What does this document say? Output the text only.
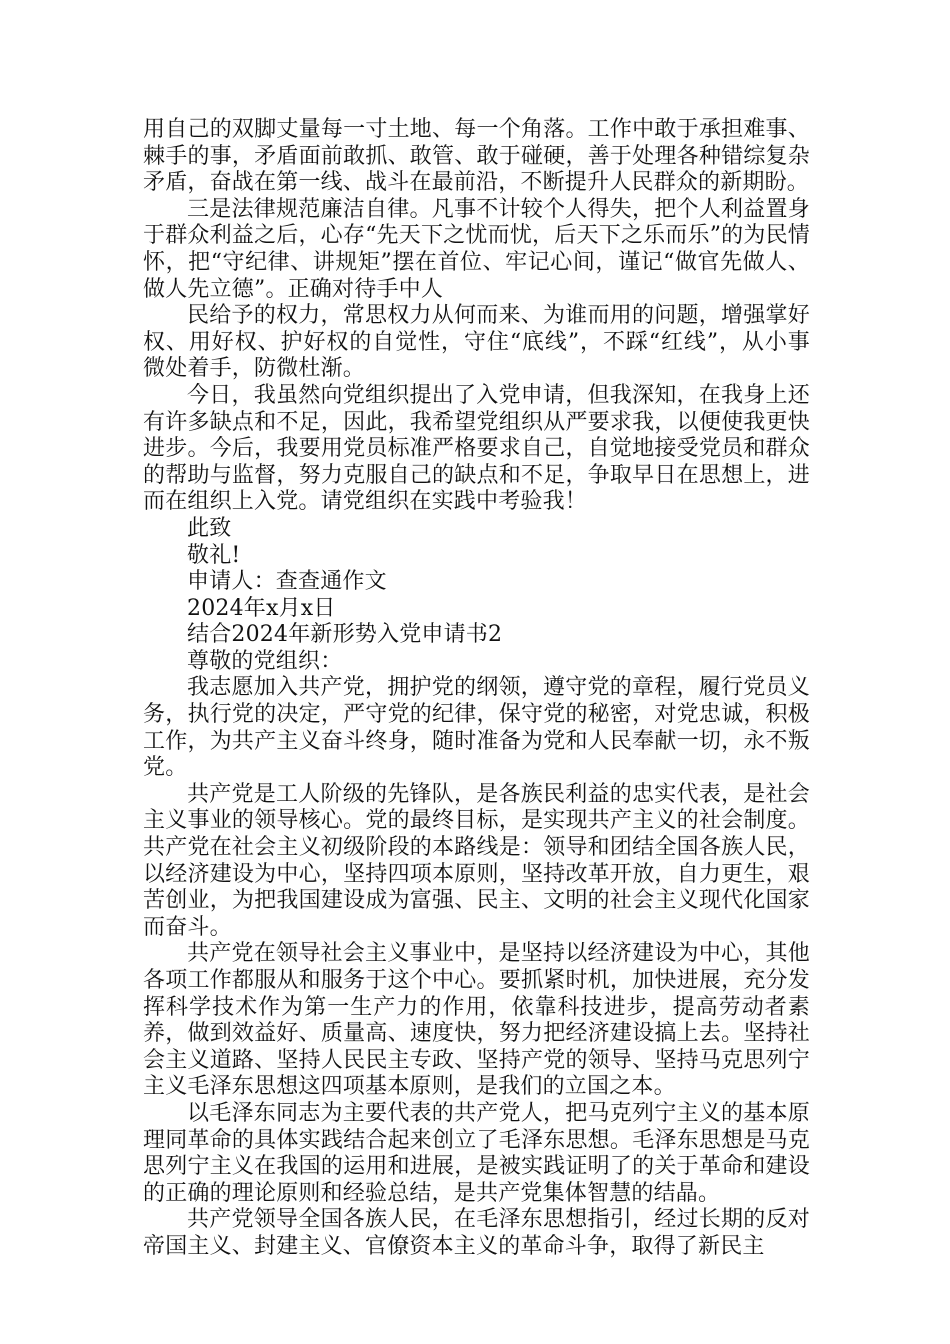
用自己的双脚丈量每一寸土地、每一个角落。工作中敢于承担难事、棘手的事，矛盾面前敢抓、敢管、敢于碰硬，善于处理各种错综复杂矛盾，奋战在第一线、战斗在最前沿，不断提升人民群众的新期盼。

三是法律规范廉洁自律。凡事不计较个人得失，把个人利益置身于群众利益之后，心存“先天下之忧而忧，后天下之乐而乐”的为民情怀，把“守纪律、讲规矩”摆在首位、牢记心间，谨记“做官先做人、做人先立德”。正确对待手中人

民给予的权力，常思权力从何而来、为谁而用的问题，增强掌好权、用好权、护好权的自觉性，守住“底线”，不踩“红线”，从小事微处着手，防微杜渐。

今日，我虽然向党组织提出了入党申请，但我深知，在我身上还有许多缺点和不足，因此，我希望党组织从严要求我，以便使我更快进步。今后，我要用党员标准严格要求自己，自觉地接受党员和群众的帮助与监督，努力克服自己的缺点和不足，争取早日在思想上，进而在组织上入党。请党组织在实践中考验我！

此致

敬礼!

申请人：查查通作文

2024年x月x日

结合2024年新形势入党申请书2

尊敬的党组织：

我志愿加入共产党，拥护党的纲领，遵守党的章程，履行党员义务，执行党的决定，严守党的纪律，保守党的秘密，对党忠诚，积极工作，为共产主义奋斗终身，随时准备为党和人民奉献一切，永不叛党。

共产党是工人阶级的先锋队，是各族民利益的忠实代表，是社会主义事业的领导核心。党的最终目标，是实现共产主义的社会制度。共产党在社会主义初级阶段的本路线是：领导和团结全国各族人民，以经济建设为中心，坚持四项本原则，坚持改革开放，自力更生，艰苦创业，为把我国建设成为富强、民主、文明的社会主义现代化国家而奋斗。

共产党在领导社会主义事业中，是坚持以经济建设为中心，其他各项工作都服从和服务于这个中心。要抓紧时机，加快进展，充分发挥科学技术作为第一生产力的作用，依靠科技进步，提高劳动者素养，做到效益好、质量高、速度快，努力把经济建设搞上去。坚持社会主义道路、坚持人民民主专政、坚持产党的领导、坚持马克思列宁主义毛泽东思想这四项基本原则，是我们的立国之本。

以毛泽东同志为主要代表的共产党人，把马克列宁主义的基本原理同革命的具体实践结合起来创立了毛泽东思想。毛泽东思想是马克思列宁主义在我国的运用和进展，是被实践证明了的关于革命和建设的正确的理论原则和经验总结，是共产党集体智慧的结晶。

共产党领导全国各族人民，在毛泽东思想指引，经过长期的反对帝国主义、封建主义、官僚资本主义的革命斗争，取得了新民主
